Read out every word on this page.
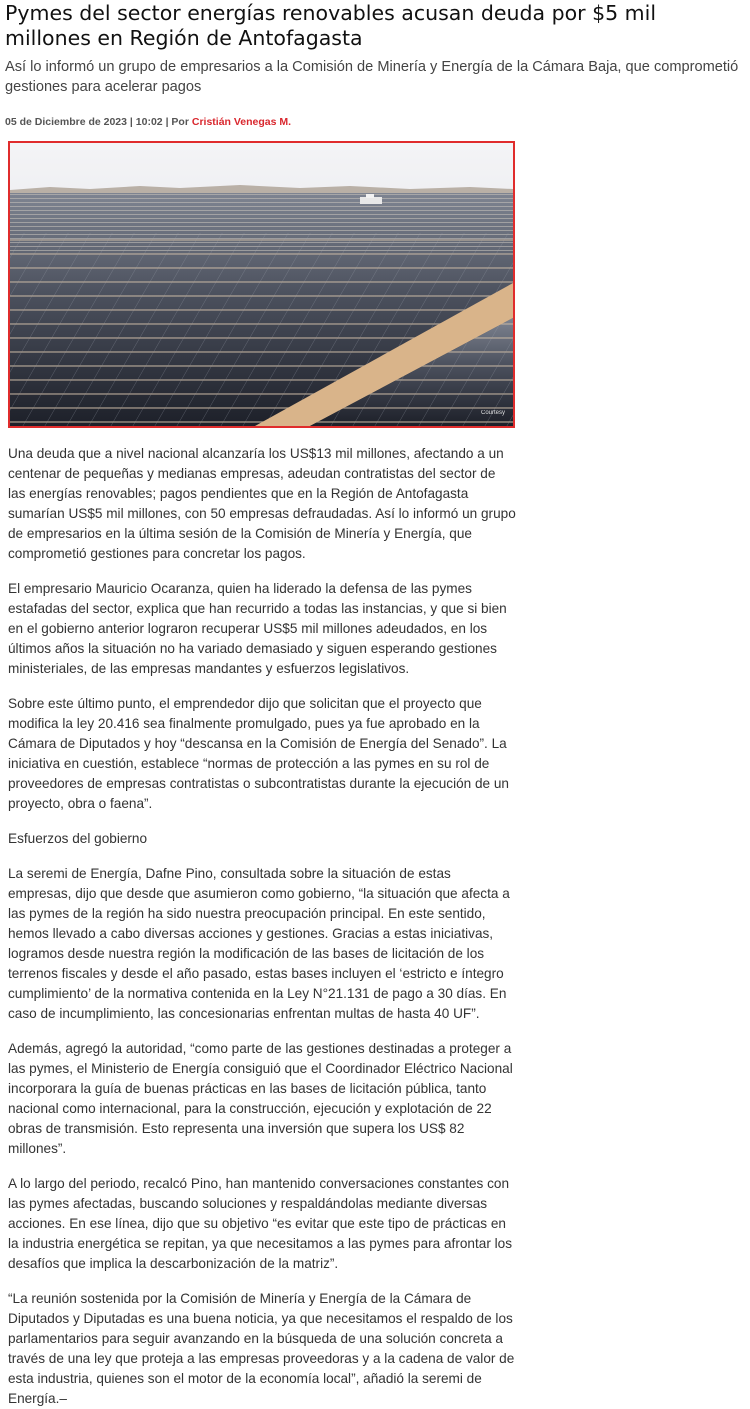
Pymes del sector energías renovables acusan deuda por $5 mil millones en Región de Antofagasta

Así lo informó un grupo de empresarios a la Comisión de Minería y Energía de la Cámara Baja, que comprometió gestiones para acelerar pagos

05 de Diciembre de 2023 | 10:02 | Por Cristián Venegas M.
Courtesy

Una deuda que a nivel nacional alcanzaría los US$13 mil millones, afectando a un centenar de pequeñas y medianas empresas, adeudan contratistas del sector de las energías renovables; pagos pendientes que en la Región de Antofagasta sumarían US$5 mil millones, con 50 empresas defraudadas. Así lo informó un grupo de empresarios en la última sesión de la Comisión de Minería y Energía, que comprometió gestiones para concretar los pagos.

El empresario Mauricio Ocaranza, quien ha liderado la defensa de las pymes estafadas del sector, explica que han recurrido a todas las instancias, y que si bien en el gobierno anterior lograron recuperar US$5 mil millones adeudados, en los últimos años la situación no ha variado demasiado y siguen esperando gestiones ministeriales, de las empresas mandantes y esfuerzos legislativos.

Sobre este último punto, el emprendedor dijo que solicitan que el proyecto que modifica la ley 20.416 sea finalmente promulgado, pues ya fue aprobado en la Cámara de Diputados y hoy “descansa en la Comisión de Energía del Senado”. La iniciativa en cuestión, establece “normas de protección a las pymes en su rol de proveedores de empresas contratistas o subcontratistas durante la ejecución de un proyecto, obra o faena”.

Esfuerzos del gobierno

La seremi de Energía, Dafne Pino, consultada sobre la situación de estas empresas, dijo que desde que asumieron como gobierno, “la situación que afecta a las pymes de la región ha sido nuestra preocupación principal. En este sentido, hemos llevado a cabo diversas acciones y gestiones. Gracias a estas iniciativas, logramos desde nuestra región la modificación de las bases de licitación de los terrenos fiscales y desde el año pasado, estas bases incluyen el ‘estricto e íntegro cumplimiento’ de la normativa contenida en la Ley N°21.131 de pago a 30 días. En caso de incumplimiento, las concesionarias enfrentan multas de hasta 40 UF”.

Además, agregó la autoridad, “como parte de las gestiones destinadas a proteger a las pymes, el Ministerio de Energía consiguió que el Coordinador Eléctrico Nacional incorporara la guía de buenas prácticas en las bases de licitación pública, tanto nacional como internacional, para la construcción, ejecución y explotación de 22 obras de transmisión. Esto representa una inversión que supera los US$ 82 millones”.

A lo largo del periodo, recalcó Pino, han mantenido conversaciones constantes con las pymes afectadas, buscando soluciones y respaldándolas mediante diversas acciones. En ese línea, dijo que su objetivo “es evitar que este tipo de prácticas en la industria energética se repitan, ya que necesitamos a las pymes para afrontar los desafíos que implica la descarbonización de la matriz”.

“La reunión sostenida por la Comisión de Minería y Energía de la Cámara de Diputados y Diputadas es una buena noticia, ya que necesitamos el respaldo de los parlamentarios para seguir avanzando en la búsqueda de una solución concreta a través de una ley que proteja a las empresas proveedoras y a la cadena de valor de esta industria, quienes son el motor de la economía local”, añadió la seremi de Energía.–
